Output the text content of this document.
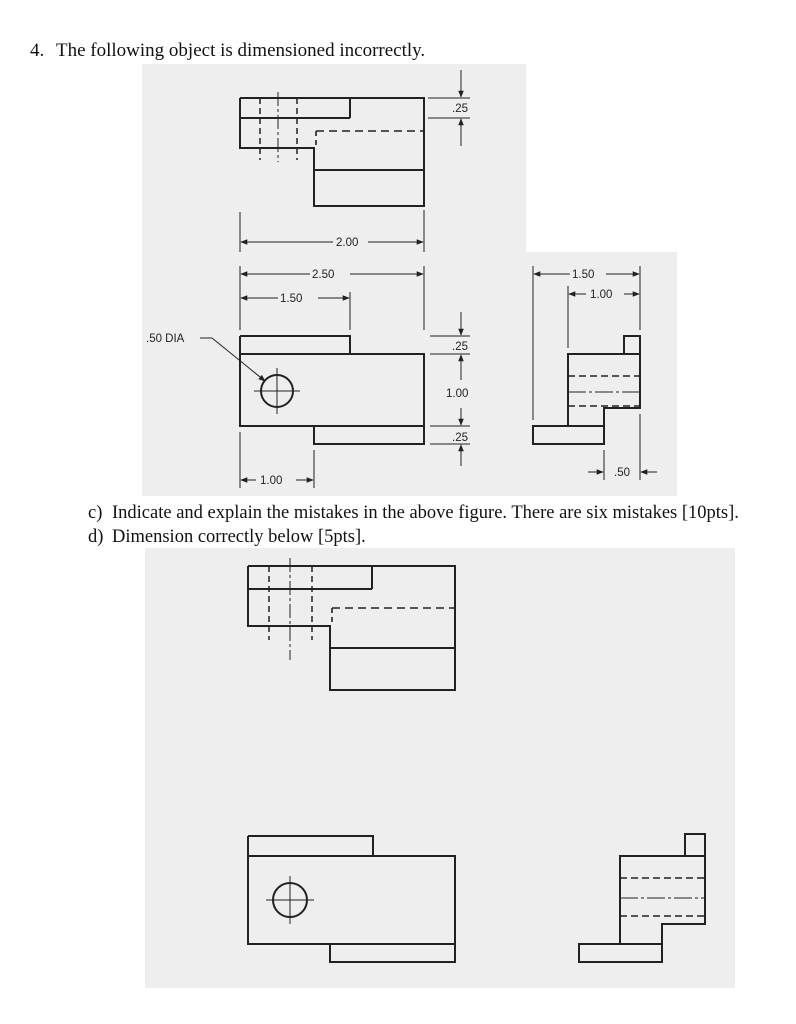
4. The following object is dimensioned incorrectly.
c) Indicate and explain the mistakes in the above figure. There are six mistakes [10pts].
d) Dimension correctly below [5pts].
.25
2.00
2.50
1.50
.50 DIA
.25
1.00
.25
1.00
1.50
1.00
.50
